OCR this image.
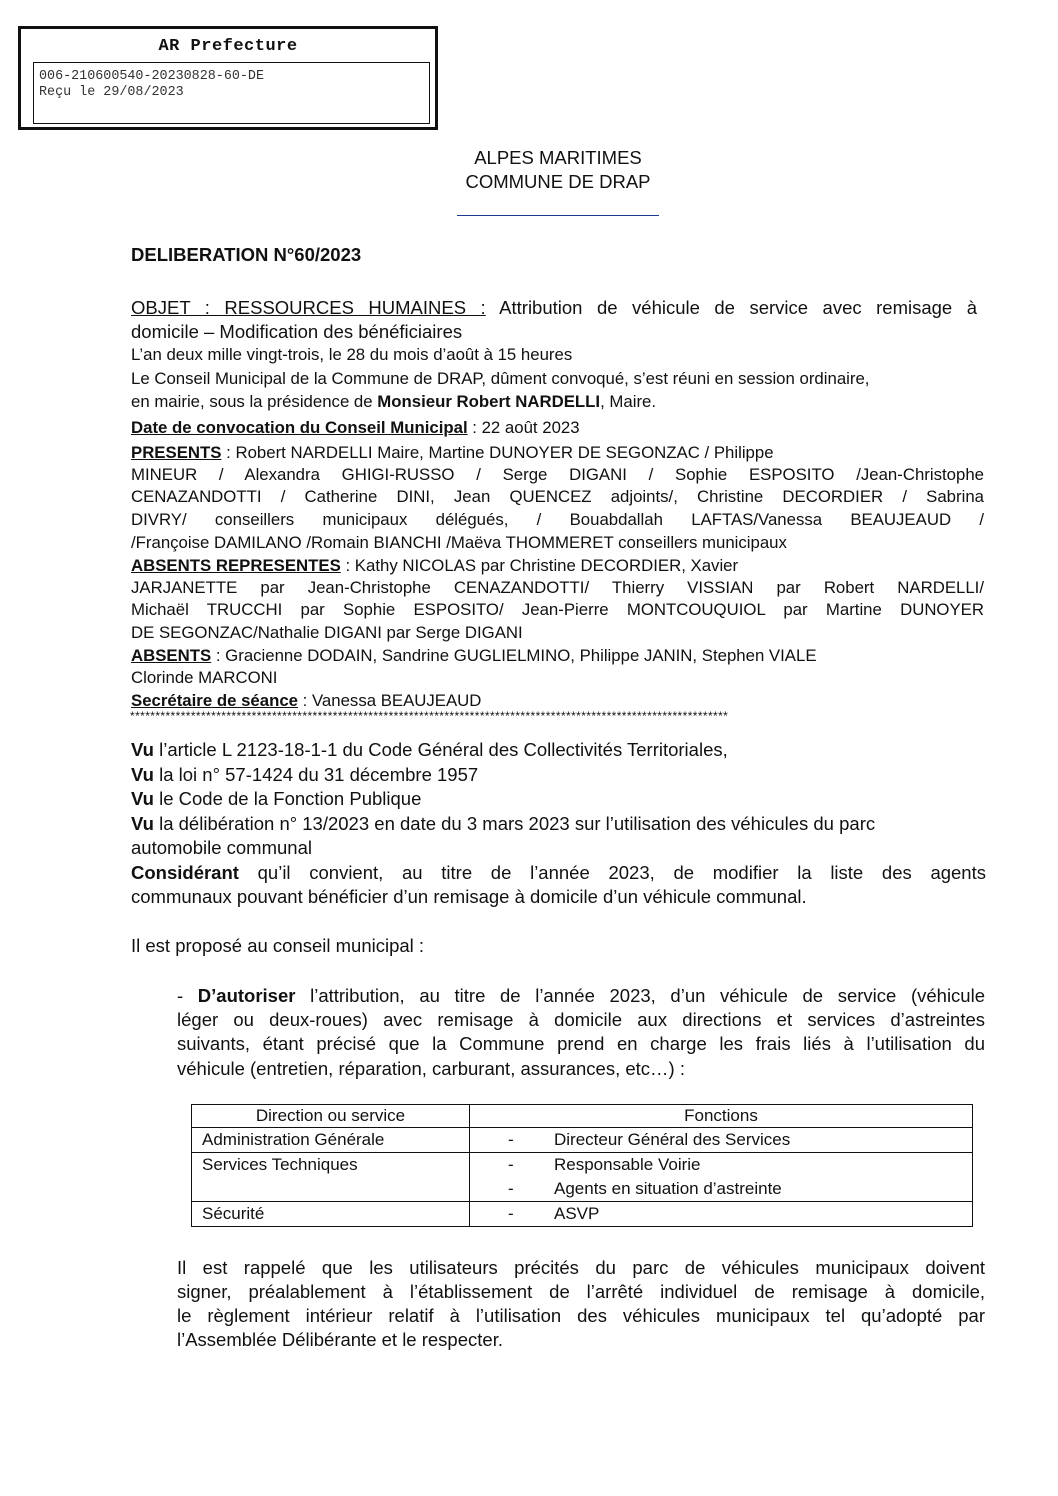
AR Prefecture
006-210600540-20230828-60-DE
Reçu le 29/08/2023
ALPES MARITIMES
COMMUNE DE DRAP
DELIBERATION N°60/2023
OBJET : RESSOURCES HUMAINES : Attribution de véhicule de service avec remisage à
domicile – Modification des bénéficiaires
L’an deux mille vingt-trois, le 28 du mois d’août à 15 heures
Le Conseil Municipal de la Commune de DRAP, dûment convoqué, s’est réuni en session ordinaire,
en mairie, sous la présidence de Monsieur Robert NARDELLI, Maire.
Date de convocation du Conseil Municipal : 22 août 2023
PRESENTS : Robert NARDELLI Maire, Martine DUNOYER DE SEGONZAC / Philippe
MINEUR / Alexandra GHIGI-RUSSO / Serge DIGANI / Sophie ESPOSITO /Jean-Christophe
CENAZANDOTTI / Catherine DINI, Jean QUENCEZ adjoints/, Christine DECORDIER / Sabrina
DIVRY/ conseillers municipaux délégués, / Bouabdallah LAFTAS/Vanessa BEAUJEAUD /
/Françoise DAMILANO /Romain BIANCHI /Maëva THOMMERET conseillers municipaux
ABSENTS REPRESENTES : Kathy NICOLAS par Christine DECORDIER, Xavier
JARJANETTE par Jean-Christophe CENAZANDOTTI/ Thierry VISSIAN par Robert NARDELLI/
Michaël TRUCCHI par Sophie ESPOSITO/ Jean-Pierre MONTCOUQUIOL par Martine DUNOYER
DE SEGONZAC/Nathalie DIGANI par Serge DIGANI
ABSENTS : Gracienne DODAIN, Sandrine GUGLIELMINO, Philippe JANIN, Stephen VIALE
Clorinde MARCONI
Secrétaire de séance : Vanessa BEAUJEAUD
**********************************************************************************************************************
Vu l’article L 2123-18-1-1 du Code Général des Collectivités Territoriales,
Vu la loi n° 57-1424 du 31 décembre 1957
Vu le Code de la Fonction Publique
Vu la délibération n° 13/2023 en date du 3 mars 2023 sur l’utilisation des véhicules du parc
automobile communal
Considérant qu’il convient, au titre de l’année 2023, de modifier la liste des agents
communaux pouvant bénéficier d’un remisage à domicile d’un véhicule communal.
Il est proposé au conseil municipal :
- D’autoriser l’attribution, au titre de l’année 2023, d’un véhicule de service (véhicule
léger ou deux-roues) avec remisage à domicile aux directions et services d’astreintes
suivants, étant précisé que la Commune prend en charge les frais liés à l’utilisation du
véhicule (entretien, réparation, carburant, assurances, etc…) :
Direction ou service	Fonctions
Administration Générale	- Directeur Général des Services

Services Techniques	- Responsable Voirie
- Agents en situation d’astreinte

Sécurité	- ASVP
Il est rappelé que les utilisateurs précités du parc de véhicules municipaux doivent
signer, préalablement à l’établissement de l’arrêté individuel de remisage à domicile,
le règlement intérieur relatif à l’utilisation des véhicules municipaux tel qu’adopté par
l’Assemblée Délibérante et le respecter.
